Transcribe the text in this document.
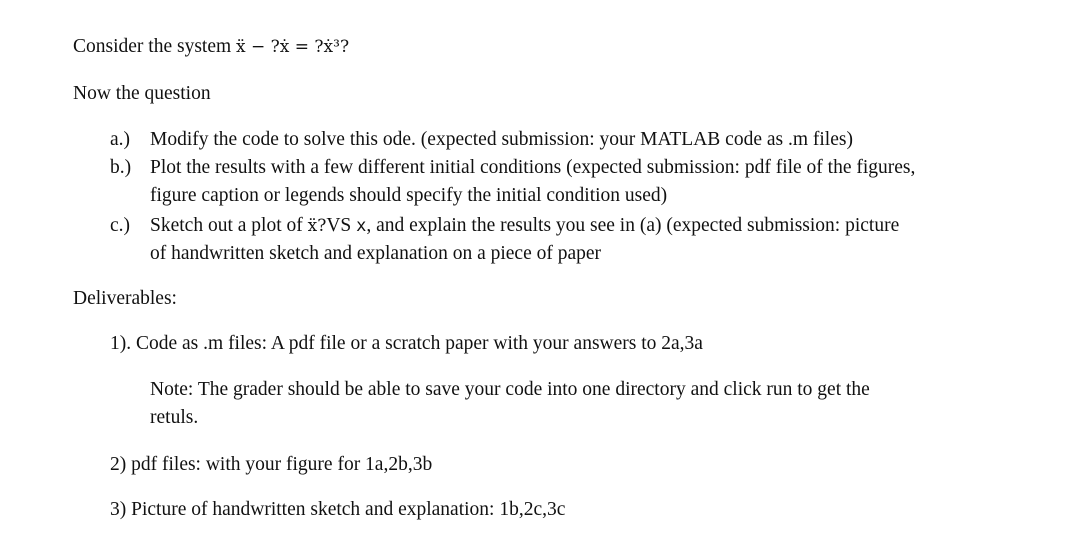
Consider the system ẍ − ?ẋ = ?ẋ³?
Now the question
a.) Modify the code to solve this ode. (expected submission: your MATLAB code as .m files)
b.) Plot the results with a few different initial conditions (expected submission: pdf file of the figures,
figure caption or legends should specify the initial condition used)
c.) Sketch out a plot of ẍ?VS x, and explain the results you see in (a) (expected submission: picture
of handwritten sketch and explanation on a piece of paper
Deliverables:
1). Code as .m files: A pdf file or a scratch paper with your answers to 2a,3a
Note: The grader should be able to save your code into one directory and click run to get the
retuls.
2) pdf files: with your figure for 1a,2b,3b
3) Picture of handwritten sketch and explanation: 1b,2c,3c
